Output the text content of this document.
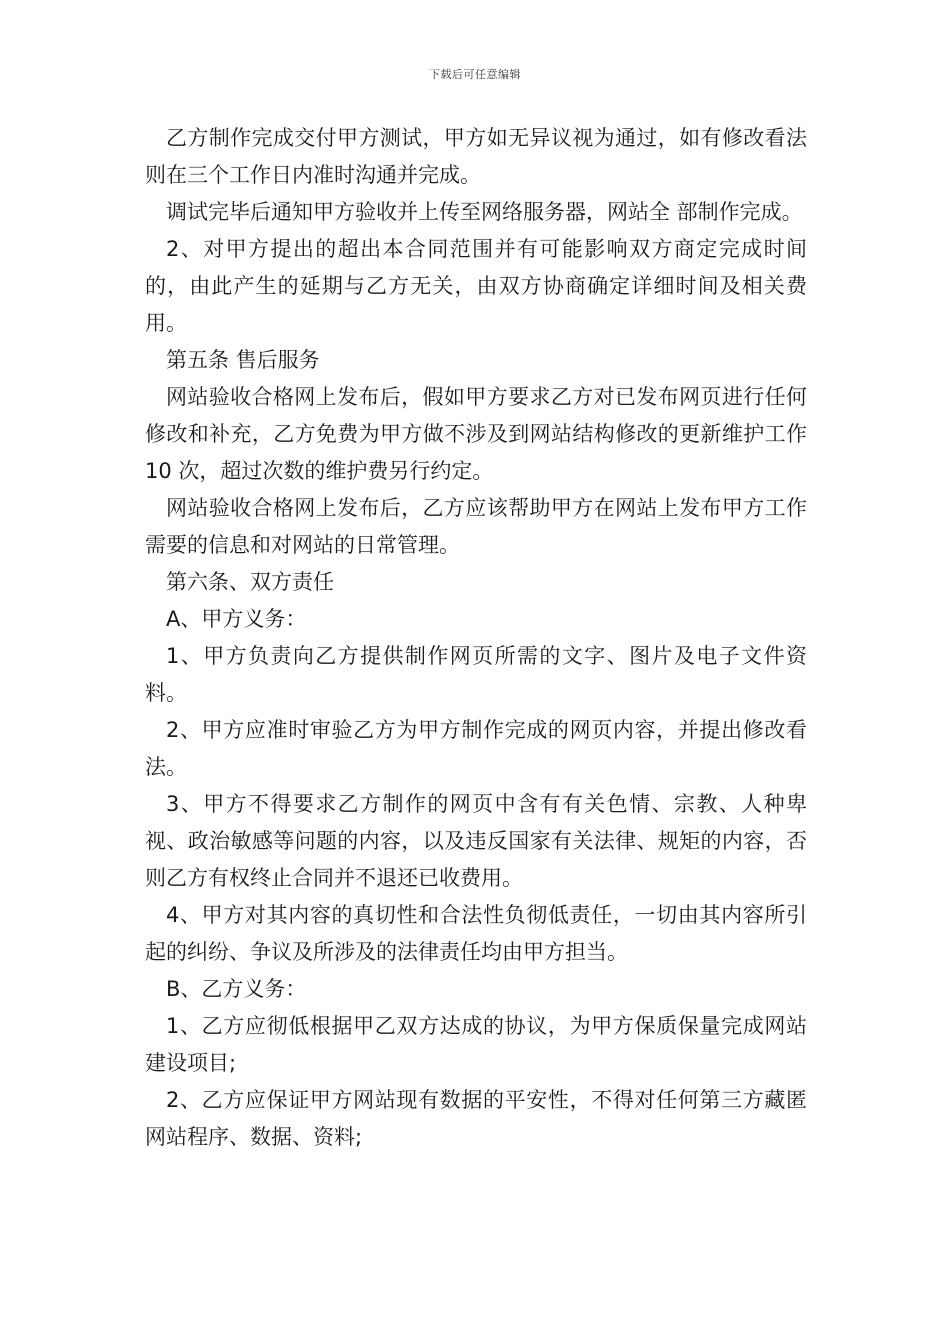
下载后可任意编辑

乙方制作完成交付甲方测试，甲方如无异议视为通过，如有修改看法则在三个工作日内准时沟通并完成。

调试完毕后通知甲方验收并上传至网络服务器，网站全 部制作完成。

2、对甲方提出的超出本合同范围并有可能影响双方商定完成时间的，由此产生的延期与乙方无关，由双方协商确定详细时间及相关费用。

第五条 售后服务

网站验收合格网上发布后，假如甲方要求乙方对已发布网页进行任何修改和补充，乙方免费为甲方做不涉及到网站结构修改的更新维护工作 10 次，超过次数的维护费另行约定。

网站验收合格网上发布后，乙方应该帮助甲方在网站上发布甲方工作需要的信息和对网站的日常管理。

第六条、双方责任

A、甲方义务：

1、甲方负责向乙方提供制作网页所需的文字、图片及电子文件资料。

2、甲方应准时审验乙方为甲方制作完成的网页内容，并提出修改看法。

3、甲方不得要求乙方制作的网页中含有有关色情、宗教、人种卑视、政治敏感等问题的内容，以及违反国家有关法律、规矩的内容，否则乙方有权终止合同并不退还已收费用。

4、甲方对其内容的真切性和合法性负彻低责任，一切由其内容所引起的纠纷、争议及所涉及的法律责任均由甲方担当。

B、乙方义务：

1、乙方应彻低根据甲乙双方达成的协议，为甲方保质保量完成网站建设项目;

2、乙方应保证甲方网站现有数据的平安性，不得对任何第三方藏匿网站程序、数据、资料;
